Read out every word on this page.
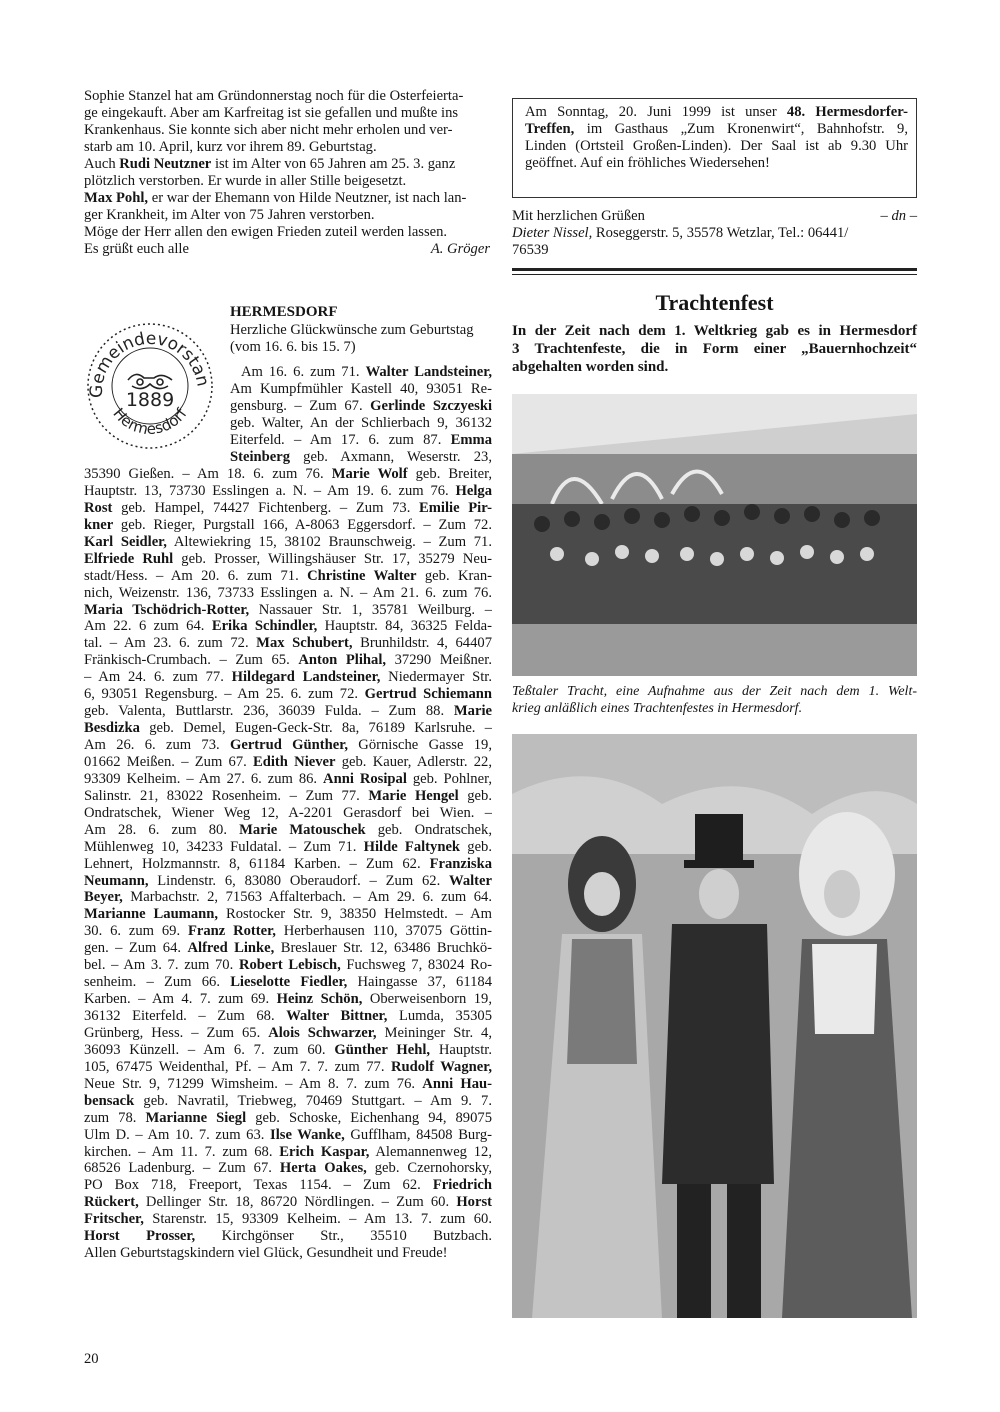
Sophie Stanzel hat am Gründonnerstag noch für die Osterfeierta-
ge eingekauft. Aber am Karfreitag ist sie gefallen und mußte ins
Krankenhaus. Sie konnte sich aber nicht mehr erholen und ver-
starb am 10. April, kurz vor ihrem 89. Geburtstag.
Auch Rudi Neutzner ist im Alter von 65 Jahren am 25. 3. ganz
plötzlich verstorben. Er wurde in aller Stille beigesetzt.
Max Pohl, er war der Ehemann von Hilde Neutzner, ist nach lan-
ger Krankheit, im Alter von 75 Jahren verstorben.
Möge der Herr allen den ewigen Frieden zuteil werden lassen.

Es grüßt euch alle	A. Gröger
Gemeindevorstan
Hermesdorf
1889
HERMESDORF

Herzliche Glückwünsche zum Geburtstag

(vom 16. 6. bis 15. 7)

Am 16. 6. zum 71. Walter Landsteiner,
Am Kumpfmühler Kastell 40, 93051 Re-
gensburg. – Zum 67. Gerlinde Szczyeski
geb. Walter, An der Schlierbach 9, 36132
Eiterfeld. – Am 17. 6. zum 87. Emma
Steinberg geb. Axmann, Weserstr. 23,
35390 Gießen. – Am 18. 6. zum 76. Marie Wolf geb. Breiter,
Hauptstr. 13, 73730 Esslingen a. N. – Am 19. 6. zum 76. Helga
Rost geb. Hampel, 74427 Fichtenberg. – Zum 73. Emilie Pir-
kner geb. Rieger, Purgstall 166, A-8063 Eggersdorf. – Zum 72.
Karl Seidler, Altewiekring 15, 38102 Braunschweig. – Zum 71.
Elfriede Ruhl geb. Prosser, Willingshäuser Str. 17, 35279 Neu-
stadt/Hess. – Am 20. 6. zum 71. Christine Walter geb. Kran-
nich, Weizenstr. 136, 73733 Esslingen a. N. – Am 21. 6. zum 76.
Maria Tschödrich-Rotter, Nassauer Str. 1, 35781 Weilburg. –
Am 22. 6 zum 64. Erika Schindler, Hauptstr. 84, 36325 Felda-
tal. – Am 23. 6. zum 72. Max Schubert, Brunhildstr. 4, 64407
Fränkisch-Crumbach. – Zum 65. Anton Plihal, 37290 Meißner.
– Am 24. 6. zum 77. Hildegard Landsteiner, Niedermayer Str.
6, 93051 Regensburg. – Am 25. 6. zum 72. Gertrud Schiemann
geb. Valenta, Buttlarstr. 236, 36039 Fulda. – Zum 88. Marie
Besdizka geb. Demel, Eugen-Geck-Str. 8a, 76189 Karlsruhe. –
Am 26. 6. zum 73. Gertrud Günther, Görnische Gasse 19,
01662 Meißen. – Zum 67. Edith Niever geb. Kauer, Adlerstr. 22,
93309 Kelheim. – Am 27. 6. zum 86. Anni Rosipal geb. Pohlner,
Salinstr. 21, 83022 Rosenheim. – Zum 77. Marie Hengel geb.
Ondratschek, Wiener Weg 12, A-2201 Gerasdorf bei Wien. –
Am 28. 6. zum 80. Marie Matouschek geb. Ondratschek,
Mühlenweg 10, 34233 Fuldatal. – Zum 71. Hilde Faltynek geb.
Lehnert, Holzmannstr. 8, 61184 Karben. – Zum 62. Franziska
Neumann, Lindenstr. 6, 83080 Oberaudorf. – Zum 62. Walter
Beyer, Marbachstr. 2, 71563 Affalterbach. – Am 29. 6. zum 64.
Marianne Laumann, Rostocker Str. 9, 38350 Helmstedt. – Am
30. 6. zum 69. Franz Rotter, Herberhausen 110, 37075 Göttin-
gen. – Zum 64. Alfred Linke, Breslauer Str. 12, 63486 Bruchkö-
bel. – Am 3. 7. zum 70. Robert Lebisch, Fuchsweg 7, 83024 Ro-
senheim. – Zum 66. Lieselotte Fiedler, Haingasse 37, 61184
Karben. – Am 4. 7. zum 69. Heinz Schön, Oberweisenborn 19,
36132 Eiterfeld. – Zum 68. Walter Bittner, Lumda, 35305
Grünberg, Hess. – Zum 65. Alois Schwarzer, Meininger Str. 4,
36093 Künzell. – Am 6. 7. zum 60. Günther Hehl, Hauptstr.
105, 67475 Weidenthal, Pf. – Am 7. 7. zum 77. Rudolf Wagner,
Neue Str. 9, 71299 Wimsheim. – Am 8. 7. zum 76. Anni Hau-
bensack geb. Navratil, Triebweg, 70469 Stuttgart. – Am 9. 7.
zum 78. Marianne Siegl geb. Schoske, Eichenhang 94, 89075
Ulm D. – Am 10. 7. zum 63. Ilse Wanke, Gufflham, 84508 Burg-
kirchen. – Am 11. 7. zum 68. Erich Kaspar, Alemannenweg 12,
68526 Ladenburg. – Zum 67. Herta Oakes, geb. Czernohorsky,
PO Box 718, Freeport, Texas 1154. – Zum 62. Friedrich
Rückert, Dellinger Str. 18, 86720 Nördlingen. – Zum 60. Horst
Fritscher, Starenstr. 15, 93309 Kelheim. – Am 13. 7. zum 60.
Horst Prosser, Kirchgönser Str., 35510 Butzbach.
Allen Geburtstagskindern viel Glück, Gesundheit und Freude!
Am Sonntag, 20. Juni 1999 ist unser 48. Hermesdorfer-
Treffen, im Gasthaus „Zum Kronenwirt“, Bahnhofstr. 9,
Linden (Ortsteil Großen-Linden). Der Saal ist ab 9.30 Uhr
geöffnet. Auf ein fröhliches Wiedersehen!
Mit herzlichen Grüßen	– dn –
Dieter Nissel, Roseggerstr. 5, 35578 Wetzlar, Tel.: 06441/
76539
Trachtenfest
In der Zeit nach dem 1. Weltkrieg gab es in Hermesdorf
3 Trachtenfeste, die in Form einer „Bauernhochzeit“
abgehalten worden sind.
Teßtaler Tracht, eine Aufnahme aus der Zeit nach dem 1. Welt-
krieg anläßlich eines Trachtenfestes in Hermesdorf.
20
